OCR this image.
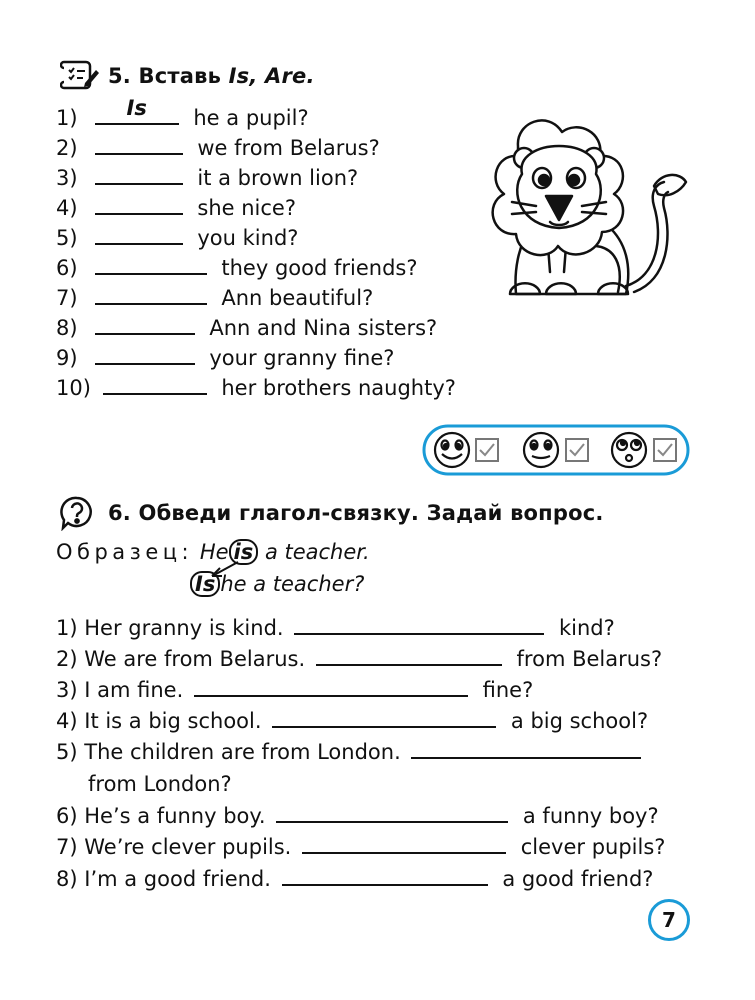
5. Вставь Is, Are.
1)	Is	he a pupil?
2)	we from Belarus?
3)	it a brown lion?
4)	she nice?
5)	you kind?
6)	they good friends?
7)	Ann beautiful?
8)	Ann and Nina sisters?
9)	your granny fine?
10)	her brothers naughty?
6. Обведи глагол-связку. Задай вопрос.
Образец: He is a teacher.
Is he a teacher?
1) Her granny is kind.	kind?
2) We are from Belarus.	from Belarus?
3) I am fine.	fine?
4) It is a big school.	a big school?
5) The children are from London.
from London?
6) He’s a funny boy.	a funny boy?
7) We’re clever pupils.	clever pupils?
8) I’m a good friend.	a good friend?
7
